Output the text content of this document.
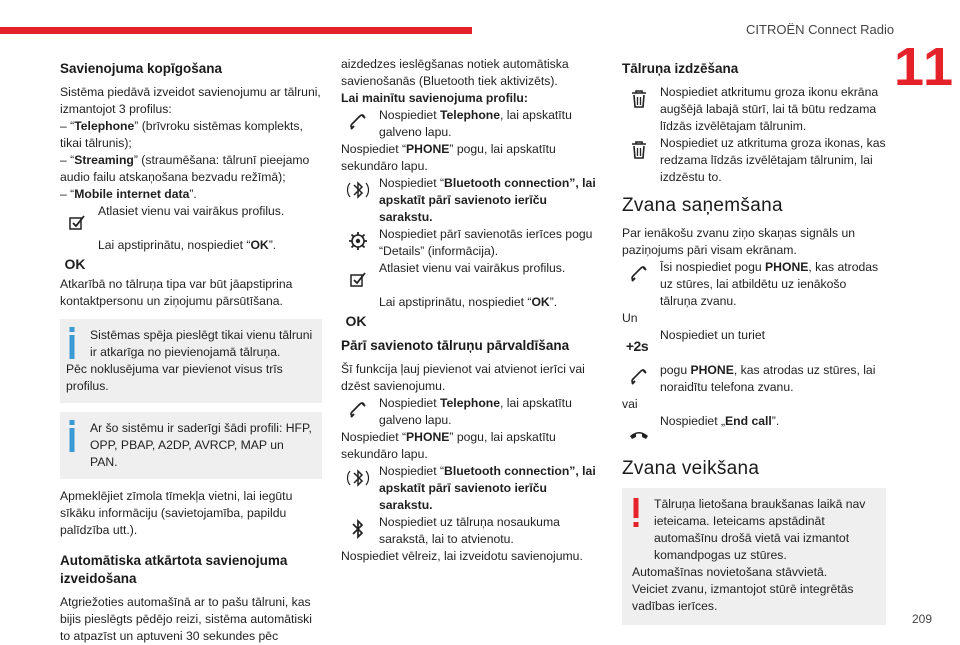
CITROËN Connect Radio
11
Savienojuma kopīgošana

Sistēma piedāvā izveidot savienojumu ar tālruni, izmantojot 3 profilus:

– “Telephone” (brīvroku sistēmas komplekts, tikai tālrunis);

– “Streaming” (straumēšana: tālrunī pieejamo audio failu atskaņošana bezvadu režīmā);

– “Mobile internet data”.

Atlasiet vienu vai vairākus profilus.
OK
Lai apstiprinātu, nospiediet “OK”.

Atkarībā no tālruņa tipa var būt jāapstiprina kontaktpersonu un ziņojumu pārsūtīšana.

Sistēmas spēja pieslēgt tikai vienu tālruni ir atkarīga no pievienojamā tālruņa.

Pēc noklusējuma var pievienot visus trīs profilus.

Ar šo sistēmu ir saderīgi šādi profili: HFP, OPP, PBAP, A2DP, AVRCP, MAP un PAN.

Apmeklējiet zīmola tīmekļa vietni, lai iegūtu sīkāku informāciju (savietojamība, papildu palīdzība utt.).

Automātiska atkārtota savienojuma izveidošana

Atgriežoties automašīnā ar to pašu tālruni, kas bijis pieslēgts pēdējo reizi, sistēma automātiski to atpazīst un aptuveni 30 sekundes pēc

aizdedzes ieslēgšanas notiek automātiska savienošanās (Bluetooth tiek aktivizēts).

Lai mainītu savienojuma profilu:

Nospiediet Telephone, lai apskatītu galveno lapu.

Nospiediet “PHONE” pogu, lai apskatītu sekundāro lapu.

Nospiediet “Bluetooth connection”, lai apskatīt pārī savienoto ierīču sarakstu.
Nospiediet pārī savienotās ierīces pogu “Details” (informācija).
Atlasiet vienu vai vairākus profilus.
OK
Lai apstiprinātu, nospiediet “OK”.
Pārī savienoto tālruņu pārvaldīšana

Šī funkcija ļauj pievienot vai atvienot ierīci vai dzēst savienojumu.

Nospiediet Telephone, lai apskatītu galveno lapu.

Nospiediet “PHONE” pogu, lai apskatītu sekundāro lapu.

Nospiediet “Bluetooth connection”, lai apskatīt pārī savienoto ierīču sarakstu.
Nospiediet uz tālruņa nosaukuma sarakstā, lai to atvienotu.

Nospiediet vēlreiz, lai izveidotu savienojumu.

Tālruņa izdzēšana
Nospiediet atkritumu groza ikonu ekrāna augšējā labajā stūrī, lai tā būtu redzama līdzās izvēlētajam tālrunim.
Nospiediet uz atkrituma groza ikonas, kas redzama līdzās izvēlētajam tālrunim, lai izdzēstu to.
Zvana saņemšana

Par ienākošu zvanu ziņo skaņas signāls un paziņojums pāri visam ekrānam.

Īsi nospiediet pogu PHONE, kas atrodas uz stūres, lai atbildētu uz ienākošo tālruņa zvanu.

Un

+2s
Nospiediet un turiet
pogu PHONE, kas atrodas uz stūres, lai noraidītu telefona zvanu.

vai

Nospiediet „End call”.
Zvana veikšana

Tālruņa lietošana braukšanas laikā nav ieteicama. Ieteicams apstādināt automašīnu drošā vietā vai izmantot komandpogas uz stūres.

Automašīnas novietošana stāvvietā.

Veiciet zvanu, izmantojot stūrē integrētās vadības ierīces.

209
